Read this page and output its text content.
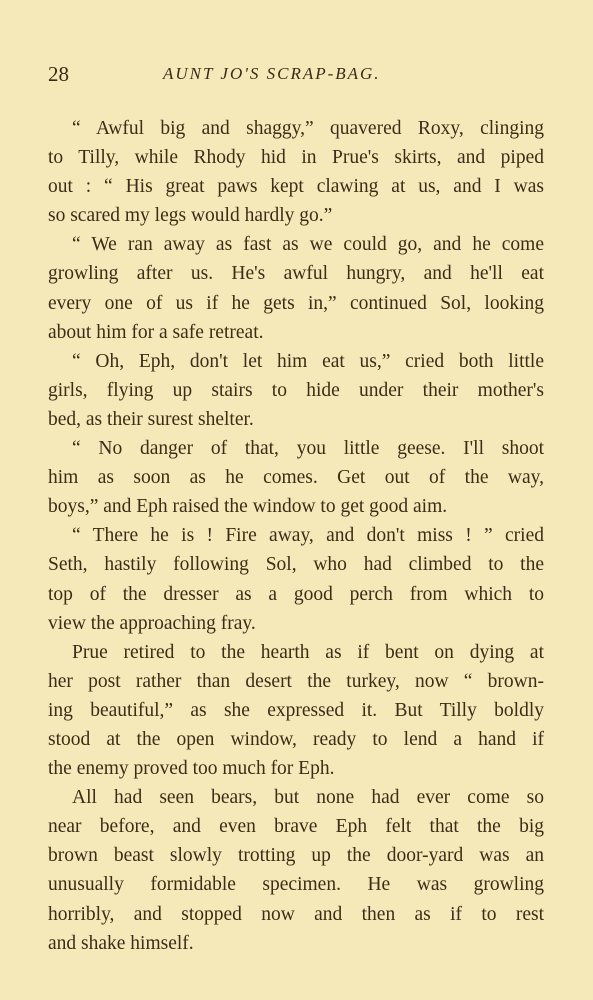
28	AUNT JO'S SCRAP-BAG.
“ Awful big and shaggy,” quavered Roxy, clinging
to Tilly, while Rhody hid in Prue's skirts, and piped
out : “ His great paws kept clawing at us, and I was
so scared my legs would hardly go.”
“ We ran away as fast as we could go, and he come
growling after us. He's awful hungry, and he'll eat
every one of us if he gets in,” continued Sol, looking
about him for a safe retreat.
“ Oh, Eph, don't let him eat us,” cried both little
girls, flying up stairs to hide under their mother's
bed, as their surest shelter.
“ No danger of that, you little geese. I'll shoot
him as soon as he comes. Get out of the way,
boys,” and Eph raised the window to get good aim.
“ There he is ! Fire away, and don't miss ! ” cried
Seth, hastily following Sol, who had climbed to the
top of the dresser as a good perch from which to
view the approaching fray.
Prue retired to the hearth as if bent on dying at
her post rather than desert the turkey, now “ brown-
ing beautiful,” as she expressed it. But Tilly boldly
stood at the open window, ready to lend a hand if
the enemy proved too much for Eph.
All had seen bears, but none had ever come so
near before, and even brave Eph felt that the big
brown beast slowly trotting up the door-yard was an
unusually formidable specimen. He was growling
horribly, and stopped now and then as if to rest
and shake himself.
